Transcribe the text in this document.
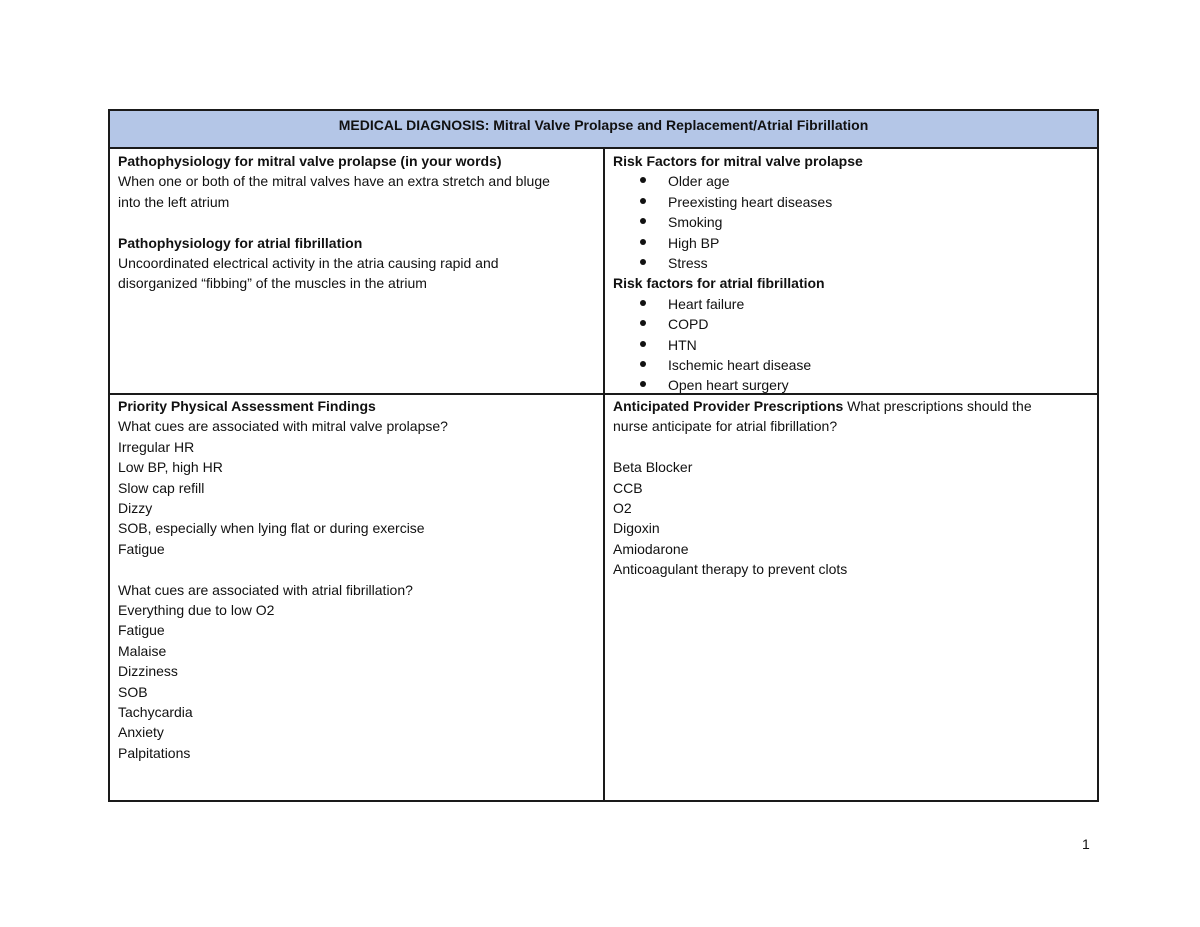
MEDICAL DIAGNOSIS: Mitral Valve Prolapse and Replacement/Atrial Fibrillation
Pathophysiology for mitral valve prolapse (in your words)
When one or both of the mitral valves have an extra stretch and bluge
into the left atrium
Pathophysiology for atrial fibrillation
Uncoordinated electrical activity in the atria causing rapid and
disorganized “fibbing” of the muscles in the atrium
Risk Factors for mitral valve prolapse
Older age
Preexisting heart diseases
Smoking
High BP
Stress
Risk factors for atrial fibrillation
Heart failure
COPD
HTN
Ischemic heart disease
Open heart surgery
Priority Physical Assessment Findings
What cues are associated with mitral valve prolapse?
Irregular HR
Low BP, high HR
Slow cap refill
Dizzy
SOB, especially when lying flat or during exercise
Fatigue
What cues are associated with atrial fibrillation?
Everything due to low O2
Fatigue
Malaise
Dizziness
SOB
Tachycardia
Anxiety
Palpitations
Anticipated Provider Prescriptions What prescriptions should the
nurse anticipate for atrial fibrillation?
Beta Blocker
CCB
O2
Digoxin
Amiodarone
Anticoagulant therapy to prevent clots
1
